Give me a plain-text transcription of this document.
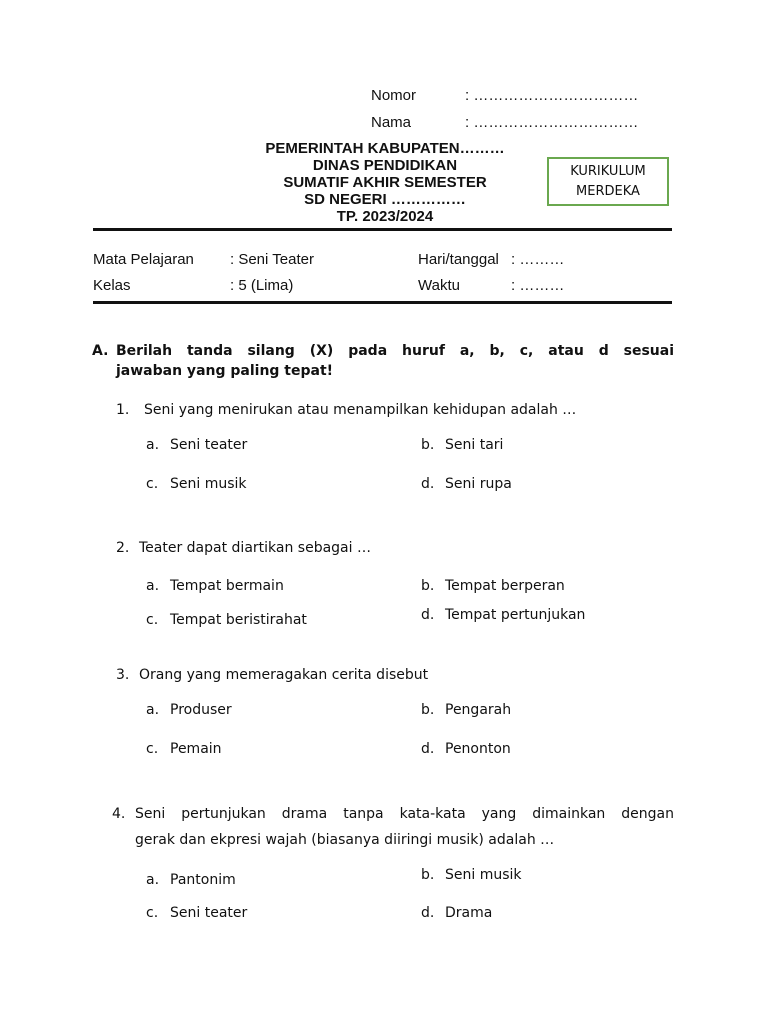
Nomor	: ……………………………
Nama	: ……………………………
PEMERINTAH KABUPATEN………
DINAS PENDIDIKAN
SUMATIF AKHIR SEMESTER
SD NEGERI ……………
TP. 2023/2024
KURIKULUM
MERDEKA
Mata Pelajaran : Seni Teater	Hari/tanggal : ………
Kelas	: 5 (Lima)	Waktu	: ………
A. Berilah tanda silang (X) pada huruf a, b, c, atau d sesuai
jawaban yang paling tepat!
1. Seni yang menirukan atau menampilkan kehidupan adalah …
a. Seni teater	b. Seni tari
c. Seni musik	d. Seni rupa
2. Teater dapat diartikan sebagai …
a. Tempat bermain	b. Tempat berperan
c. Tempat beristirahat	d. Tempat pertunjukan
3. Orang yang memeragakan cerita disebut
a. Produser	b. Pengarah
c. Pemain	d. Penonton
4. Seni pertunjukan drama tanpa kata-kata yang dimainkan dengan
gerak dan ekpresi wajah (biasanya diiringi musik) adalah …
a. Pantonim	b. Seni musik
c. Seni teater	d. Drama
